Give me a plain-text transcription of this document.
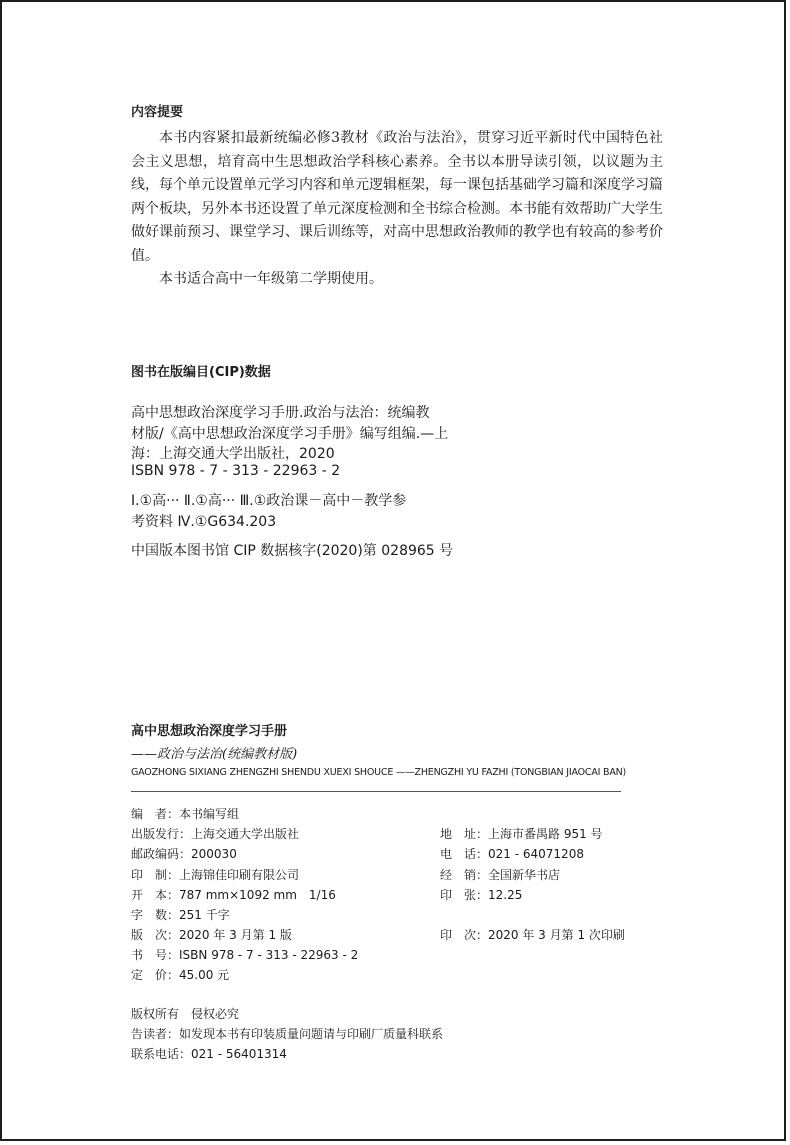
内容提要
本书内容紧扣最新统编必修3教材《政治与法治》，贯穿习近平新时代中国特色社会主义思想，培育高中生思想政治学科核心素养。全书以本册导读引领，以议题为主线，每个单元设置单元学习内容和单元逻辑框架，每一课包括基础学习篇和深度学习篇两个板块，另外本书还设置了单元深度检测和全书综合检测。本书能有效帮助广大学生做好课前预习、课堂学习、课后训练等，对高中思想政治教师的教学也有较高的参考价值。
本书适合高中一年级第二学期使用。
图书在版编目(CIP)数据
高中思想政治深度学习手册.政治与法治：统编教
材版/《高中思想政治深度学习手册》编写组编.—上
海：上海交通大学出版社，2020
ISBN 978 - 7 - 313 - 22963 - 2
Ⅰ.①高··· Ⅱ.①高··· Ⅲ.①政治课－高中－教学参
考资料 Ⅳ.①G634.203
中国版本图书馆 CIP 数据核字(2020)第 028965 号
高中思想政治深度学习手册
——政治与法治(统编教材版)
GAOZHONG SIXIANG ZHENGZHI SHENDU XUEXI SHOUCE ——ZHENGZHI YU FAZHI (TONGBIAN JIAOCAI BAN)
编　者：本书编写组
出版发行：上海交通大学出版社
邮政编码：200030
印　制：上海锦佳印刷有限公司
开　本：787 mm×1092 mm　1/16
字　数：251 千字
版　次：2020 年 3 月第 1 版
书　号：ISBN 978 - 7 - 313 - 22963 - 2
定　价：45.00 元
地　址：上海市番禺路 951 号
电　话：021 - 64071208
经　销：全国新华书店
印　张：12.25
印　次：2020 年 3 月第 1 次印刷
版权所有　侵权必究
告读者：如发现本书有印装质量问题请与印刷厂质量科联系
联系电话：021 - 56401314
